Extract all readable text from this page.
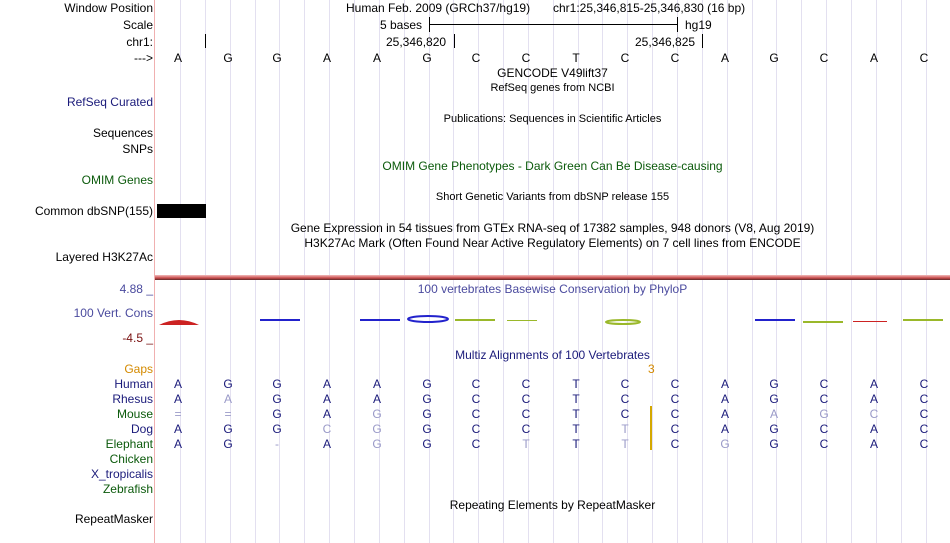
Window Position	Human Feb. 2009 (GRCh37/hg19) chr1:25,346,815-25,346,830 (16 bp)
Scale	5 bases	hg19
chr1:	25,346,820	25,346,825
--->	A	G	G	A	A	G	C	C	T	C	C	A	G	C	A	C
GENCODE V49lift37
RefSeq genes from NCBI
RefSeq Curated
Publications: Sequences in Scientific Articles
Sequences
SNPs
OMIM Gene Phenotypes - Dark Green Can Be Disease-causing
OMIM Genes
Short Genetic Variants from dbSNP release 155
Common dbSNP(155)
Gene Expression in 54 tissues from GTEx RNA-seq of 17382 samples, 948 donors (V8, Aug 2019)
H3K27Ac Mark (Often Found Near Active Regulatory Elements) on 7 cell lines from ENCODE
Layered H3K27Ac
4.88 _	100 vertebrates Basewise Conservation by PhyloP
100 Vert. Cons
-4.5 _
Multiz Alignments of 100 Vertebrates
Gaps	3
Human	A	G	G	A	A	G	C	C	T	C	C	A	G	C	A	C
Rhesus	A	A	G	A	A	G	C	C	T	C	C	A	G	C	A	C
Mouse	=	=	G	A	G	G	C	C	T	C	C	A	A	G	C	C
Dog	A	G	G	C	G	G	C	C	T	T	C	A	G	C	A	C
Elephant	A	G	-	A	G	G	C	T	T	T	C	G	G	C	A	C
Chicken
X_tropicalis
Zebrafish
Repeating Elements by RepeatMasker
RepeatMasker
